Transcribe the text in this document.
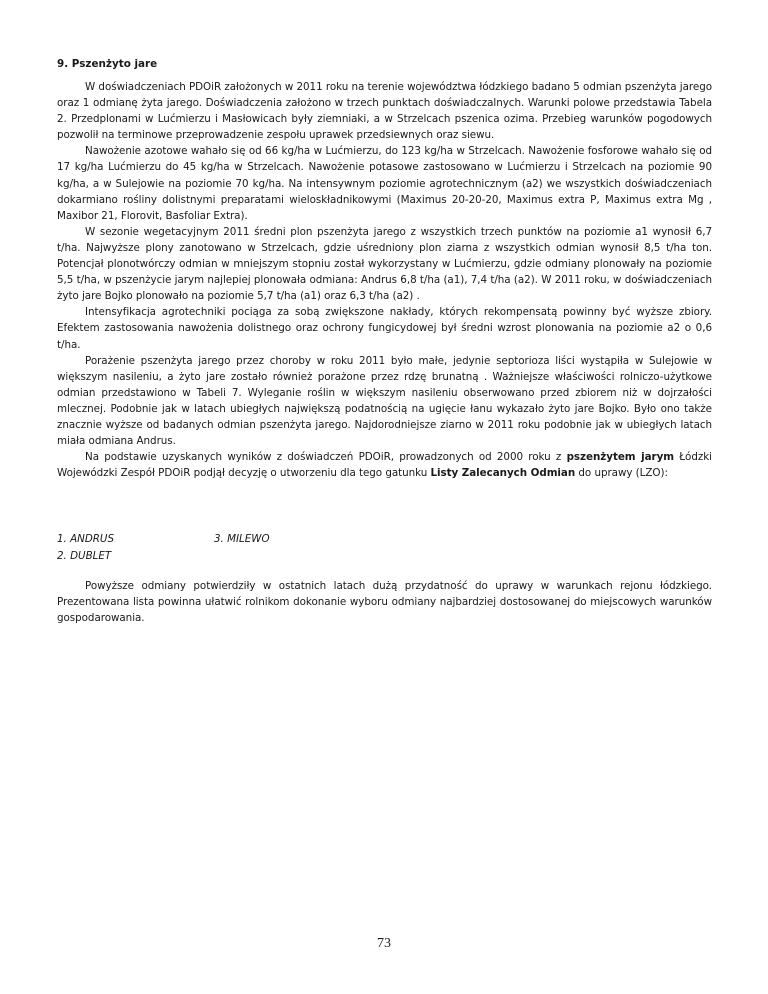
9. Pszenżyto jare

W doświadczeniach PDOiR założonych w 2011 roku na terenie województwa łódzkiego badano 5 odmian pszenżyta jarego oraz 1 odmianę żyta jarego. Doświadczenia założono w trzech punktach doświadczalnych. Warunki polowe przedstawia Tabela 2. Przedplonami w Lućmierzu i Masłowicach były ziemniaki, a w Strzelcach pszenica ozima. Przebieg warunków pogodowych pozwolił na terminowe przeprowadzenie zespołu uprawek przedsiewnych oraz siewu.

Nawożenie azotowe wahało się od 66 kg/ha w Lućmierzu, do 123 kg/ha w Strzelcach. Nawożenie fosforowe wahało się od 17 kg/ha Lućmierzu do 45 kg/ha w Strzelcach. Nawożenie potasowe zastosowano w Lućmierzu i Strzelcach na poziomie 90 kg/ha, a w Sulejowie na poziomie 70 kg/ha. Na intensywnym poziomie agrotechnicznym (a2) we wszystkich doświadczeniach dokarmiano rośliny dolistnymi preparatami wieloskładnikowymi (Maximus 20-20-20, Maximus extra P, Maximus extra Mg , Maxibor 21, Florovit, Basfoliar Extra).

W sezonie wegetacyjnym 2011 średni plon pszenżyta jarego z wszystkich trzech punktów na poziomie a1 wynosił 6,7 t/ha. Najwyższe plony zanotowano w Strzelcach, gdzie uśredniony plon ziarna z wszystkich odmian wynosił 8,5 t/ha ton. Potencjał plonotwórczy odmian w mniejszym stopniu został wykorzystany w Lućmierzu, gdzie odmiany plonowały na poziomie 5,5 t/ha, w pszenżycie jarym najlepiej plonowała odmiana: Andrus 6,8 t/ha (a1), 7,4 t/ha (a2). W 2011 roku, w doświadczeniach żyto jare Bojko plonowało na poziomie 5,7 t/ha (a1) oraz 6,3 t/ha (a2) .

Intensyfikacja agrotechniki pociąga za sobą zwiększone nakłady, których rekompensatą powinny być wyższe zbiory. Efektem zastosowania nawożenia dolistnego oraz ochrony fungicydowej był średni wzrost plonowania na poziomie a2 o 0,6 t/ha.

Porażenie pszenżyta jarego przez choroby w roku 2011 było małe, jedynie septorioza liści wystąpiła w Sulejowie w większym nasileniu, a żyto jare zostało również porażone przez rdzę brunatną . Ważniejsze właściwości rolniczo-użytkowe odmian przedstawiono w Tabeli 7. Wyleganie roślin w większym nasileniu obserwowano przed zbiorem niż w dojrzałości mlecznej. Podobnie jak w latach ubiegłych największą podatnością na ugięcie łanu wykazało żyto jare Bojko. Było ono także znacznie wyższe od badanych odmian pszenżyta jarego. Najdorodniejsze ziarno w 2011 roku podobnie jak w ubiegłych latach miała odmiana Andrus.

Na podstawie uzyskanych wyników z doświadczeń PDOiR, prowadzonych od 2000 roku z pszenżytem jarym Łódzki Wojewódzki Zespół PDOiR podjął decyzję o utworzeniu dla tego gatunku Listy Zalecanych Odmian do uprawy (LZO):

1. ANDRUS
2. DUBLET
3. MILEWO

Powyższe odmiany potwierdziły w ostatnich latach dużą przydatność do uprawy w warunkach rejonu łódzkiego. Prezentowana lista powinna ułatwić rolnikom dokonanie wyboru odmiany najbardziej dostosowanej do miejscowych warunków gospodarowania.

73
